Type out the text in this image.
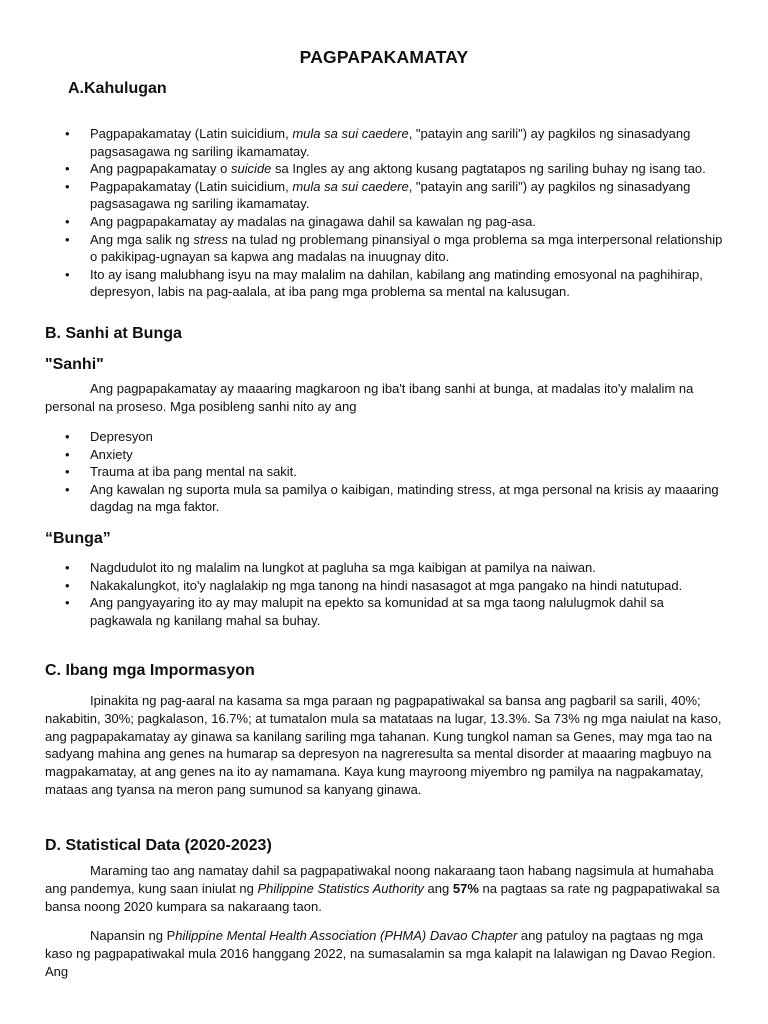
PAGPAPAKAMATAY
A.Kahulugan
• Pagpapakamatay (Latin suicidium, mula sa sui caedere, "patayin ang sarili") ay pagkilos ng sinasadyang pagsasagawa ng sariling ikamamatay.
• Ang pagpapakamatay o suicide sa Ingles ay ang aktong kusang pagtatapos ng sariling buhay ng isang tao.
• Pagpapakamatay (Latin suicidium, mula sa sui caedere, "patayin ang sarili") ay pagkilos ng sinasadyang pagsasagawa ng sariling ikamamatay.
• Ang pagpapakamatay ay madalas na ginagawa dahil sa kawalan ng pag-asa.
• Ang mga salik ng stress na tulad ng problemang pinansiyal o mga problema sa mga interpersonal relationship o pakikipag-ugnayan sa kapwa ang madalas na inuugnay dito.
• Ito ay isang malubhang isyu na may malalim na dahilan, kabilang ang matinding emosyonal na paghihirap, depresyon, labis na pag-aalala, at iba pang mga problema sa mental na kalusugan.
B. Sanhi at Bunga
"Sanhi"

Ang pagpapakamatay ay maaaring magkaroon ng iba't ibang sanhi at bunga, at madalas ito'y malalim na personal na proseso. Mga posibleng sanhi nito ay ang

• Depresyon
• Anxiety
• Trauma at iba pang mental na sakit.
• Ang kawalan ng suporta mula sa pamilya o kaibigan, matinding stress, at mga personal na krisis ay maaaring dagdag na mga faktor.
“Bunga”
• Nagdudulot ito ng malalim na lungkot at pagluha sa mga kaibigan at pamilya na naiwan.
• Nakakalungkot, ito'y naglalakip ng mga tanong na hindi nasasagot at mga pangako na hindi natutupad.
• Ang pangyayaring ito ay may malupit na epekto sa komunidad at sa mga taong nalulugmok dahil sa pagkawala ng kanilang mahal sa buhay.
C. Ibang mga Impormasyon

Ipinakita ng pag-aaral na kasama sa mga paraan ng pagpapatiwakal sa bansa ang pagbaril sa sarili, 40%; nakabitin, 30%; pagkalason, 16.7%; at tumatalon mula sa matataas na lugar, 13.3%. Sa 73% ng mga naiulat na kaso, ang pagpapakamatay ay ginawa sa kanilang sariling mga tahanan. Kung tungkol naman sa Genes, may mga tao na sadyang mahina ang genes na humarap sa depresyon na nagreresulta sa mental disorder at maaaring magbuyo na magpakamatay, at ang genes na ito ay namamana. Kaya kung mayroong miyembro ng pamilya na nagpakamatay, mataas ang tyansa na meron pang sumunod sa kanyang ginawa.

D. Statistical Data (2020-2023)

Maraming tao ang namatay dahil sa pagpapatiwakal noong nakaraang taon habang nagsimula at humahaba ang pandemya, kung saan iniulat ng Philippine Statistics Authority ang 57% na pagtaas sa rate ng pagpapatiwakal sa bansa noong 2020 kumpara sa nakaraang taon.

Napansin ng Philippine Mental Health Association (PHMA) Davao Chapter ang patuloy na pagtaas ng mga kaso ng pagpapatiwakal mula 2016 hanggang 2022, na sumasalamin sa mga kalapit na lalawigan ng Davao Region. Ang
